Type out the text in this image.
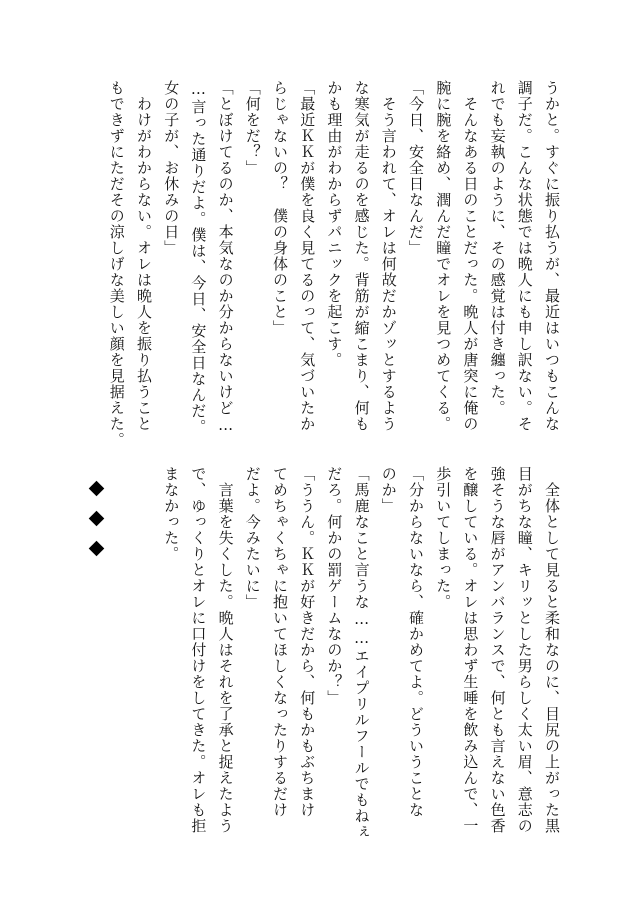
うかと。すぐに振り払うが、最近はいつもこんな
調子だ。こんな状態では晩人にも申し訳ない。そ
れでも妄執のように、その感覚は付き纏った。
　そんなある日のことだった。晩人が唐突に俺の
腕に腕を絡め、潤んだ瞳でオレを見つめてくる。
「今日、安全日なんだ」
　そう言われて、オレは何故だかゾッとするよう
な寒気が走るのを感じた。背筋が縮こまり、何も
かも理由がわからずパニックを起こす。
「最近ＫＫが僕を良く見てるのって、気づいたか
らじゃないの？　僕の身体のこと」
「何をだ？」
「とぼけてるのか、本気なのか分からないけど…
…言った通りだよ。僕は、今日、安全日なんだ。
女の子が、お休みの日」
　わけがわからない。オレは晩人を振り払うこと
もできずにただその涼しげな美しい顔を見据えた。
　全体として見ると柔和なのに、目尻の上がった黒
目がちな瞳、キリッとした男らしく太い眉、意志の
強そうな唇がアンバランスで、何とも言えない色香
を醸している。オレは思わず生唾を飲み込んで、一
歩引いてしまった。
「分からないなら、確かめてよ。どういうことな
のか」
「馬鹿なこと言うな……エイプリルフールでもねぇ
だろ。何かの罰ゲームなのか？」
「ううん。ＫＫが好きだから、何もかもぶちまけ
てめちゃくちゃに抱いてほしくなったりするだけ
だよ。今みたいに」
　言葉を失くした。晩人はそれを了承と捉えたよう
で、ゆっくりとオレに口付けをしてきた。オレも拒
まなかった。
